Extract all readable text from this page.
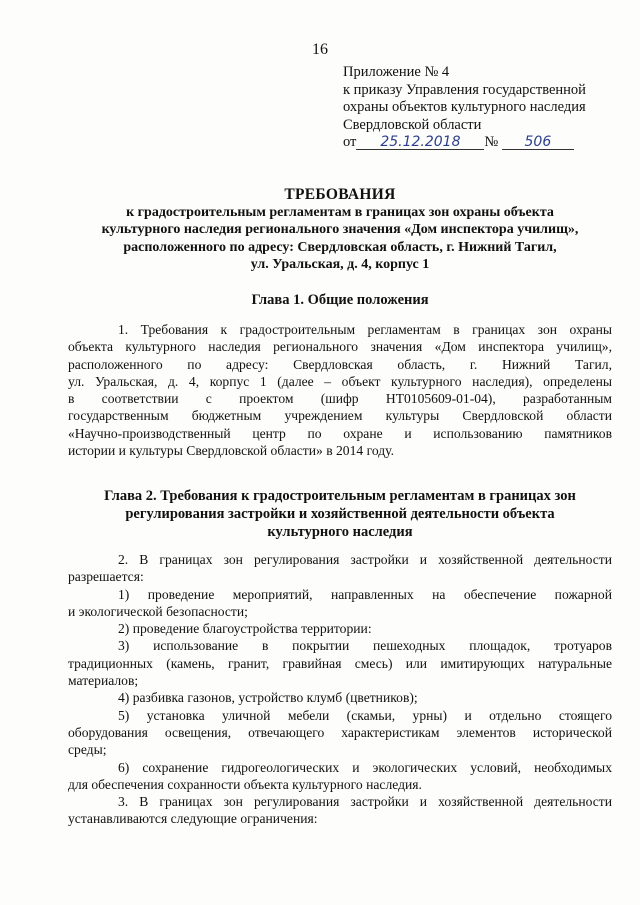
16
Приложение № 4
к приказу Управления государственной
охраны объектов культурного наследия
Свердловской области
от 25.12.2018 № 506
ТРЕБОВАНИЯ
к градостроительным регламентам в границах зон охраны объекта
культурного наследия регионального значения «Дом инспектора училищ»,
расположенного по адресу: Свердловская область, г. Нижний Тагил,
ул. Уральская, д. 4, корпус 1
Глава 1. Общие положения
1. Требования к градостроительным регламентам в границах зон охраны
объекта культурного наследия регионального значения «Дом инспектора училищ»,
расположенного по адресу: Свердловская область, г. Нижний Тагил,
ул. Уральская, д. 4, корпус 1 (далее – объект культурного наследия), определены
в соответствии с проектом (шифр НТ0105609-01-04), разработанным
государственным бюджетным учреждением культуры Свердловской области
«Научно-производственный центр по охране и использованию памятников
истории и культуры Свердловской области» в 2014 году.
Глава 2. Требования к градостроительным регламентам в границах зон
регулирования застройки и хозяйственной деятельности объекта
культурного наследия
2. В границах зон регулирования застройки и хозяйственной деятельности
разрешается:
1) проведение мероприятий, направленных на обеспечение пожарной
и экологической безопасности;
2) проведение благоустройства территории:
3) использование в покрытии пешеходных площадок, тротуаров
традиционных (камень, гранит, гравийная смесь) или имитирующих натуральные
материалов;
4) разбивка газонов, устройство клумб (цветников);
5) установка уличной мебели (скамьи, урны) и отдельно стоящего
оборудования освещения, отвечающего характеристикам элементов исторической
среды;
6) сохранение гидрогеологических и экологических условий, необходимых
для обеспечения сохранности объекта культурного наследия.
3. В границах зон регулирования застройки и хозяйственной деятельности
устанавливаются следующие ограничения:
